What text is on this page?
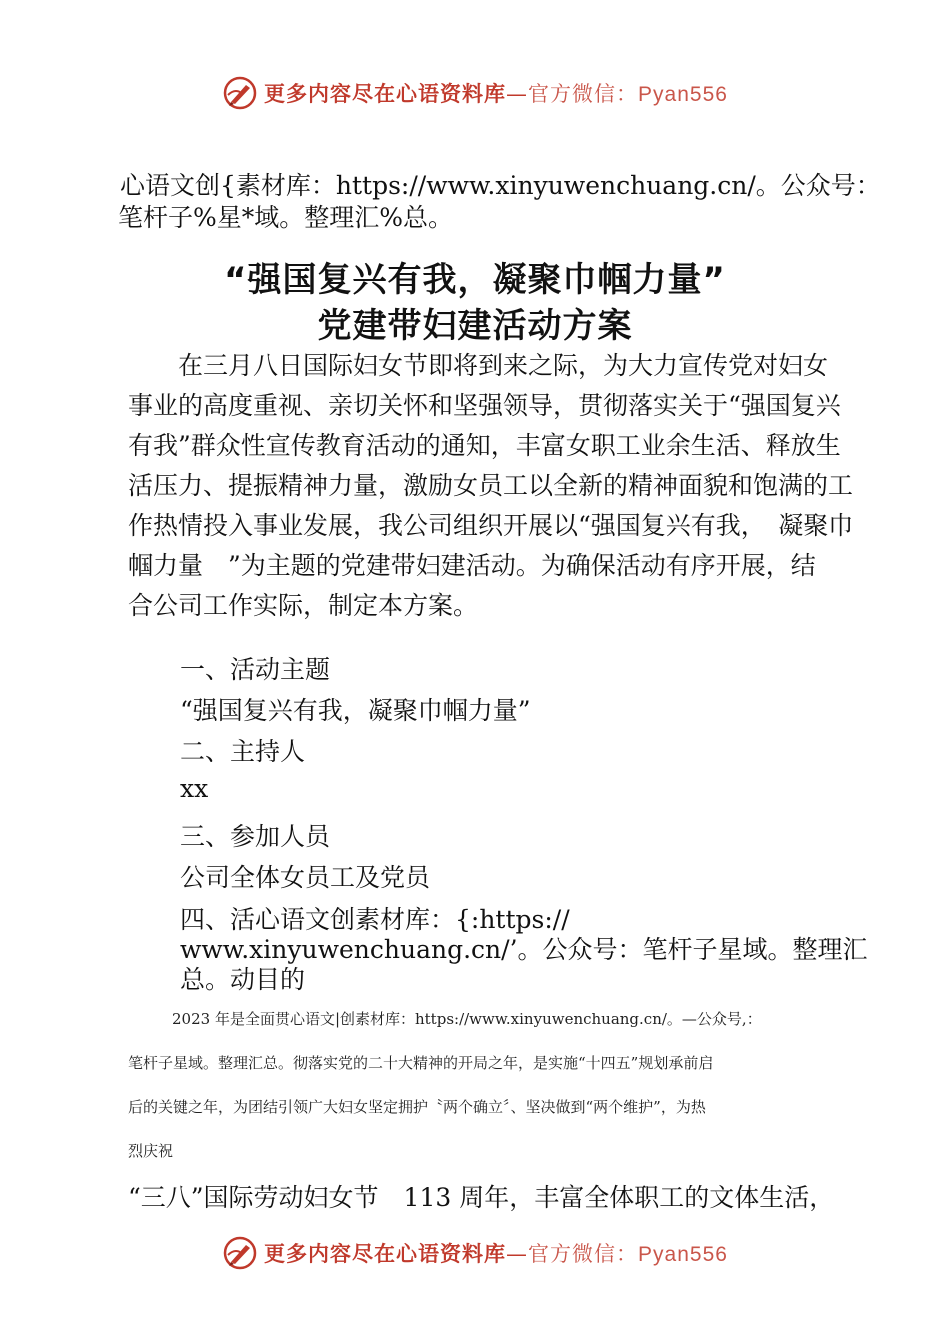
更多内容尽在心语资料库—官方微信：Pyan556
心语文创{素材库：https://www.xinyuwenchuang.cn/。公众号：
笔杆子%星*域。整理汇%总。
“强国复兴有我，凝聚巾帼力量”
党建带妇建活动方案
　　在三月八日国际妇女节即将到来之际，为大力宣传党对妇女
事业的高度重视、亲切关怀和坚强领导，贯彻落实关于“强国复兴
有我”群众性宣传教育活动的通知，丰富女职工业余生活、释放生
活压力、提振精神力量，激励女员工以全新的精神面貌和饱满的工
作热情投入事业发展，我公司组织开展以“强国复兴有我，　凝聚巾
帼力量　”为主题的党建带妇建活动。为确保活动有序开展，结
合公司工作实际，制定本方案。
一、活动主题
“强国复兴有我，凝聚巾帼力量”
二、主持人
xx
三、参加人员
公司全体女员工及党员
四、活心语文创素材库：{:https://
www.xinyuwenchuang.cn/’。公众号：笔杆子星域。整理汇
总。动目的
2023 年是全面贯心语文|创素材库：https://www.xinyuwenchuang.cn/。—公众号,：
笔杆子星域。整理汇总。彻落实党的二十大精神的开局之年，是实施“十四五”规划承前启
后的关键之年，为团结引领广大妇女坚定拥护〝两个确立〞、坚决做到“两个维护”，为热
烈庆祝
“三八”国际劳动妇女节　113 周年，丰富全体职工的文体生活，
更多内容尽在心语资料库—官方微信：Pyan556
